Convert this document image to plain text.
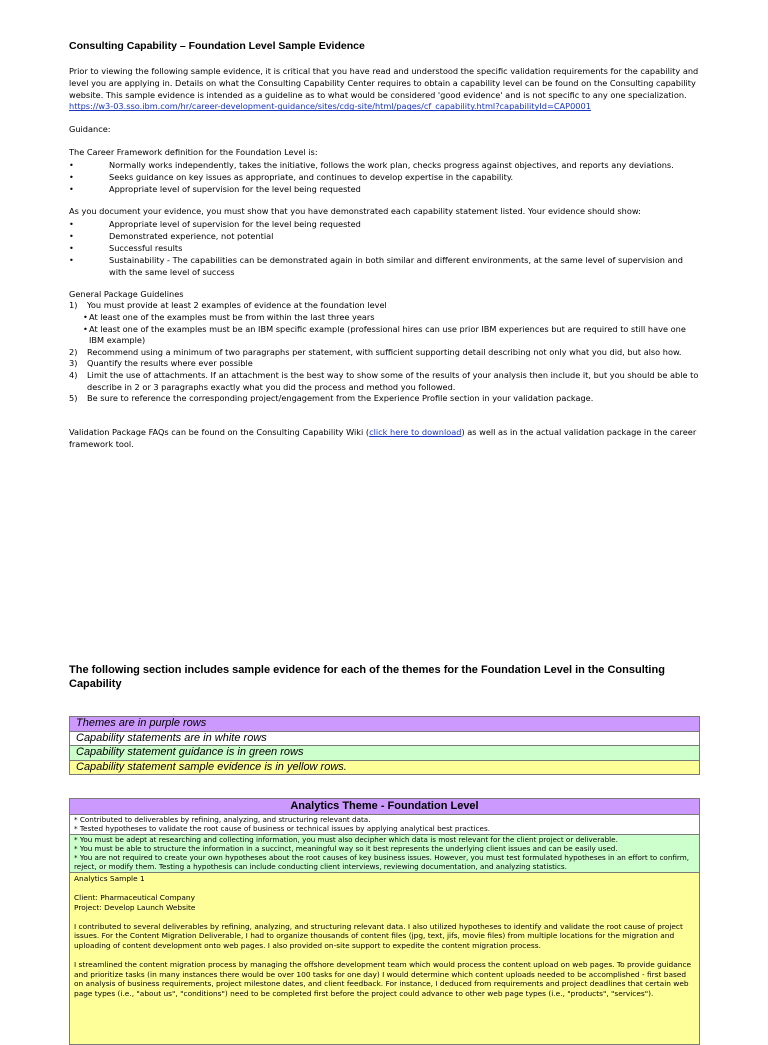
Consulting Capability – Foundation Level Sample Evidence

Prior to viewing the following sample evidence, it is critical that you have read and understood the specific validation requirements for the capability and level you are applying in. Details on what the Consulting Capability Center requires to obtain a capability level can be found on the Consulting capability website. This sample evidence is intended as a guideline as to what would be considered 'good evidence' and is not specific to any one specialization.

https://w3-03.sso.ibm.com/hr/career-development-guidance/sites/cdg-site/html/pages/cf_capability.html?capabilityId=CAP0001

Guidance:

The Career Framework definition for the Foundation Level is:

•	Normally works independently, takes the initiative, follows the work plan, checks progress against objectives, and reports any deviations.
•	Seeks guidance on key issues as appropriate, and continues to develop expertise in the capability.
•	Appropriate level of supervision for the level being requested

As you document your evidence, you must show that you have demonstrated each capability statement listed. Your evidence should show:

•	Appropriate level of supervision for the level being requested
•	Demonstrated experience, not potential
•	Successful results
•	Sustainability - The capabilities can be demonstrated again in both similar and different environments, at the same level of supervision and with the same level of success

General Package Guidelines

1)	You must provide at least 2 examples of evidence at the foundation level
• At least one of the examples must be from within the last three years
• At least one of the examples must be an IBM specific example (professional hires can use prior IBM experiences but are required to still have one IBM example)
2)	Recommend using a minimum of two paragraphs per statement, with sufficient supporting detail describing not only what you did, but also how.
3)	Quantify the results where ever possible
4)	Limit the use of attachments. If an attachment is the best way to show some of the results of your analysis then include it, but you should be able to describe in 2 or 3 paragraphs exactly what you did the process and method you followed.
5)	Be sure to reference the corresponding project/engagement from the Experience Profile section in your validation package.

Validation Package FAQs can be found on the Consulting Capability Wiki (click here to download) as well as in the actual validation package in the career framework tool.

The following section includes sample evidence for each of the themes for the Foundation Level in the Consulting Capability
Themes are in purple rows
Capability statements are in white rows
Capability statement guidance is in green rows
Capability statement sample evidence is in yellow rows.
Analytics Theme - Foundation Level
* Contributed to deliverables by refining, analyzing, and structuring relevant data.
* Tested hypotheses to validate the root cause of business or technical issues by applying analytical best practices.
* You must be adept at researching and collecting information, you must also decipher which data is most relevant for the client project or deliverable.
* You must be able to structure the information in a succinct, meaningful way so it best represents the underlying client issues and can be easily used.
* You are not required to create your own hypotheses about the root causes of key business issues. However, you must test formulated hypotheses in an effort to confirm, reject, or modify them. Testing a hypothesis can include conducting client interviews, reviewing documentation, and analyzing statistics.

Analytics Sample 1

Client: Pharmaceutical Company

Project: Develop Launch Website

I contributed to several deliverables by refining, analyzing, and structuring relevant data. I also utilized hypotheses to identify and validate the root cause of project issues. For the Content Migration Deliverable, I had to organize thousands of content files (jpg, text, jifs, movie files) from multiple locations for the migration and uploading of content development onto web pages. I also provided on-site support to expedite the content migration process.

I streamlined the content migration process by managing the offshore development team which would process the content upload on web pages. To provide guidance and prioritize tasks (in many instances there would be over 100 tasks for one day) I would determine which content uploads needed to be accomplished - first based on analysis of business requirements, project milestone dates, and client feedback. For instance, I deduced from requirements and project deadlines that certain web page types (i.e., "about us", "conditions") need to be completed first before the project could advance to other web page types (i.e., "products", "services").
